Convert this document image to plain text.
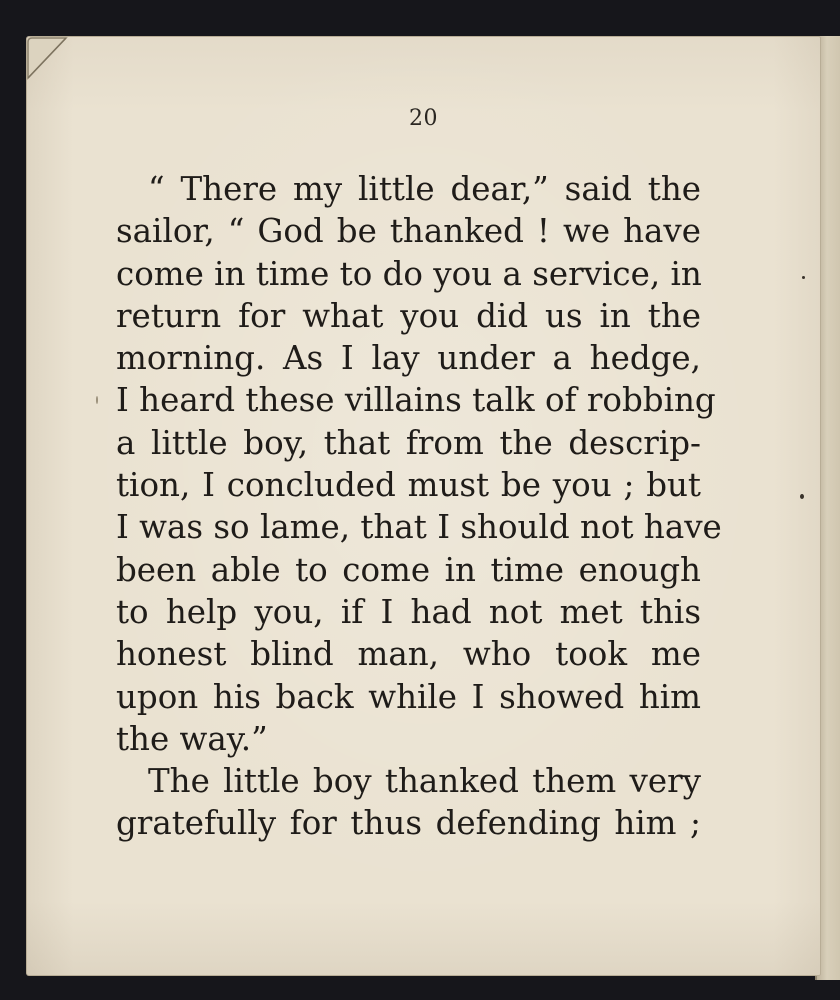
20
“ There my little dear,” said the
sailor, “ God be thanked ! we have
come in time to do you a service, in
return for what you did us in the
morning. As I lay under a hedge,
I heard these villains talk of robbing
a little boy, that from the descrip-
tion, I concluded must be you ; but
I was so lame, that I should not have
been able to come in time enough
to help you, if I had not met this
honest blind man, who took me
upon his back while I showed him
the way.”
The little boy thanked them very
gratefully for thus defending him ;
